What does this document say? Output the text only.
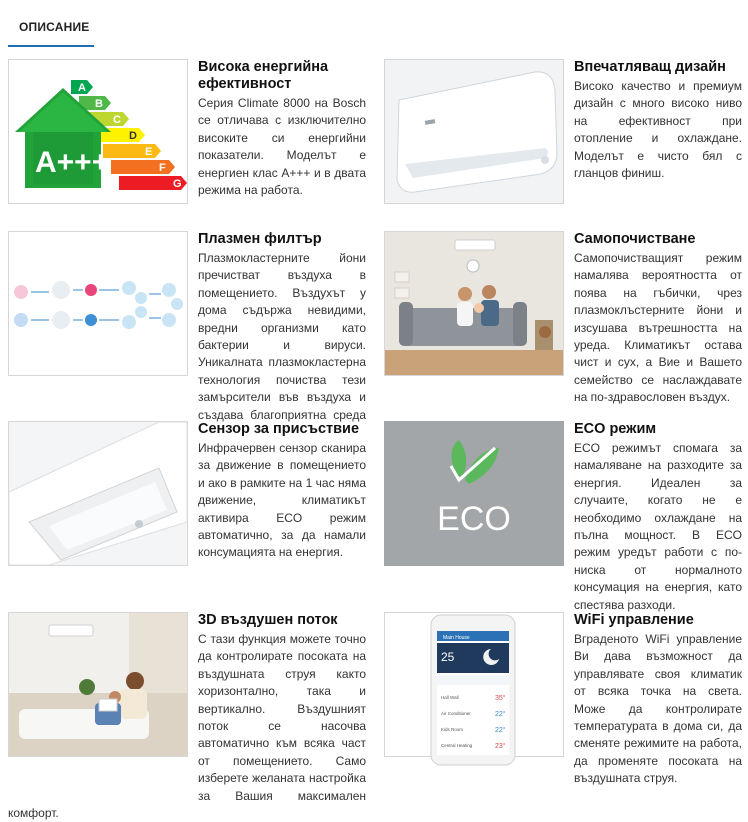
ОПИСАНИЕ
A
B
C
D
E
F
G
A+++
Висока енергийна ефективност

Серия Climate 8000 на Bosch се отличава с изключително високите си енергийни показатели. Моделът е енергиен клас А+++ и в двата режима на работа.

Впечатляващ дизайн

Високо качество и премиум дизайн с много високо ниво на ефективност при отопление и охлаждане. Моделът е чисто бял с гланцов финиш.

Плазмен филтър

Плазмокластерните йони пречистват въздуха в помещението. Въздухът у дома съдържа невидими, вредни организми като бактерии и вируси. Уникалната плазмокластерна технология почиства тези замърсители във въздуха и създава благоприятна среда

Самопочистване

Самопочистващият режим намалява вероятността от поява на гъбички, чрез плазмоклъстерните йони и изсушава вътрешността на уреда. Климатикът остава чист и сух, а Вие и Вашето семейство се наслаждавате на по-здравословен въздух.

Сензор за присъствие

Инфрачервен сензор сканира за движение в помещението и ако в рамките на 1 час няма движение, климатикът активира ECO режим автоматично, за да намали консумацията на енергия.

ECO
ECO режим

ECO режимът спомага за намаляване на разходите за енергия. Идеален за случаите, когато не е необходимо охлаждане на пълна мощност. В ECO режим уредът работи с по-ниска от нормалното консумация на енергия, като спестява разходи.

3D въздушен поток

С тази функция можете точно да контролирате посоката на въздушната струя както хоризонтално, така и вертикално. Въздушният поток се насочва автоматично към всяка част от помещението. Само изберете желаната настройка за Вашия максимален комфорт.

Main House
25
Hall Wall	35°
Air Conditioner	22°
Kids Room	22°
Central Heating	23°
WiFi управление

Вграденото WiFi управление Ви дава възможност да управлявате своя климатик от всяка точка на света. Може да контролирате температурата в дома си, да сменяте режимите на работа, да променяте посоката на въздушната струя.
